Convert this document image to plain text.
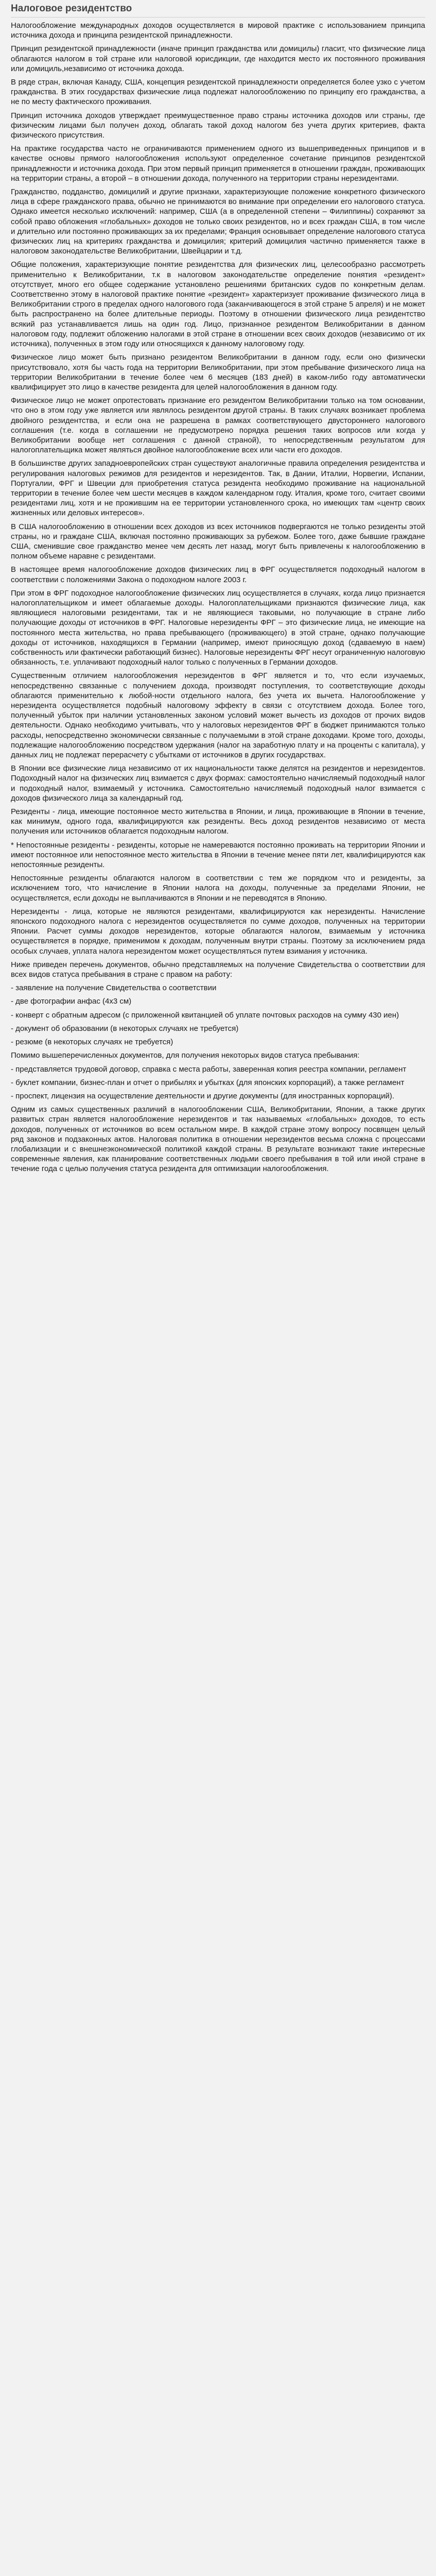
Налоговое резидентство

Налогообложение международных доходов осуществляется в мировой практике с использованием принципа источника дохода и принципа резидентской принадлежности.

Принцип резидентской принадлежности (иначе принцип гражданства или домицилы) гласит, что физические лица облагаются налогом в той стране или налоговой юрисдикции, где находится место их постоянного проживания или домициль,независимо от источника дохода.

В ряде стран, включая Канаду, США, концепция резидентской принадлежности определяется более узко с учетом гражданства. В этих государствах физические лица подлежат налогообложению по принципу его гражданства, а не по месту фактического проживания.

Принцип источника доходов утверждает преимущественное право страны источника доходов или страны, где физическим лицами был получен доход, облагать такой доход налогом без учета других критериев, факта физического присутствия.

На практике государства часто не ограничиваются применением одного из вышеприведенных принципов и в качестве основы прямого налогообложения используют определенное сочетание принципов резидентской принадлежности и источника дохода. При этом первый принцип применяется в отношении граждан, проживающих на территории страны, а второй – в отношении дохода, полученного на территории страны нерезидентами.

Гражданство, подданство, домицилий и другие признаки, характеризующие положение конкретного физического лица в сфере гражданского права, обычно не принимаются во внимание при определении его налогового статуса. Однако имеется несколько исключений: например, США (а в определенной степени – Филиппины) сохраняют за собой право обложения «глобальных» доходов не только своих резидентов, но и всех граждан США, в том числе и длительно или постоянно проживающих за их пределами; Франция основывает определение налогового статуса физических лиц на критериях гражданства и домицилия; критерий домицилия частично применяется также в налоговом законодательстве Великобритании, Швейцарии и т.д.

Общие положения, характеризующие понятие резидентства для физических лиц, целесообразно рассмотреть применительно к Великобритании, т.к в налоговом законодательстве определение понятия «резидент» отсутствует, много его общее содержание установлено решениями британских судов по конкретным делам. Соответственно этому в налоговой практике понятие «резидент» характеризует проживание физического лица в Великобритании строго в пределах одного налогового года (заканчивающегося в этой стране 5 апреля) и не может быть распространено на более длительные периоды. Поэтому в отношении физического лица резидентство всякий раз устанавливается лишь на один год. Лицо, признанное резидентом Великобритании в данном налоговом году, подлежит обложению налогами в этой стране в отношении всех своих доходов (независимо от их источника), полученных в этом году или относящихся к данному налоговому году.

Физическое лицо может быть признано резидентом Великобритании в данном году, если оно физически присутствовало, хотя бы часть года на территории Великобритании, при этом пребывание физического лица на территории Великобритании в течение более чем 6 месяцев (183 дней) в каком-либо году автоматически квалифицирует это лицо в качестве резидента для целей налогообложения в данном году.

Физическое лицо не может опротестовать признание его резидентом Великобритании только на том основании, что оно в этом году уже является или являлось резидентом другой страны. В таких случаях возникает проблема двойного резидентства, и если она не разрешена в рамках соответствующего двустороннего налогового соглашения (т.е. когда в соглашении не предусмотрено порядка решения таких вопросов или когда у Великобритании вообще нет соглашения с данной страной), то непосредственным результатом для налогоплательщика может являться двойное налогообложение всех или части его доходов.

В большинстве других западноевропейских стран существуют аналогичные правила определения резидентства и регулирования налоговых режимов для резидентов и нерезидентов. Так, в Дании, Италии, Норвегии, Испании, Португалии, ФРГ и Швеции для приобретения статуса резидента необходимо проживание на национальной территории в течение более чем шести месяцев в каждом календарном году. Италия, кроме того, считает своими резидентами лиц, хотя и не прожившим на ее территории установленного срока, но имеющих там «центр своих жизненных или деловых интересов».

В США налогообложению в отношении всех доходов из всех источников подвергаются не только резиденты этой страны, но и граждане США, включая постоянно проживающих за рубежом. Более того, даже бывшие граждане США, сменившие свое гражданство менее чем десять лет назад, могут быть привлечены к налогообложению в полном объеме наравне с резидентами.

В настоящее время налогообложение доходов физических лиц в ФРГ осуществляется подоходный налогом в соответствии с положениями Закона о подоходном налоге 2003 г.

При этом в ФРГ подоходное налогообложение физических лиц осуществляется в случаях, когда лицо признается налогоплательщиком и имеет облагаемые доходы. Налогоплательщиками признаются физические лица, как являющиеся налоговыми резидентами, так и не являющиеся таковыми, но получающие в стране либо получающие доходы от источников в ФРГ. Налоговые нерезиденты ФРГ – это физические лица, не имеющие на постоянного места жительства, но права пребывающего (проживающего) в этой стране, однако получающие доходы от источников, находящихся в Германии (например, имеют приносящую доход (сдаваемую в наем) собственность или фактически работающий бизнес). Налоговые нерезиденты ФРГ несут ограниченную налоговую обязанность, т.е. уплачивают подоходный налог только с полученных в Германии доходов.

Существенным отличием налогообложения нерезидентов в ФРГ является и то, что если изучаемых, непосредственно связанные с получением дохода, производят поступления, то соответствующие доходы облагаются применительно к любой-ности отдельного налога, без учета их вычета. Налогообложение у нерезидента осуществляется подобный налоговому эффекту в связи с отсутствием дохода. Более того, полученный убыток при наличии установленных законом условий может вычесть из доходов от прочих видов деятельности. Однако необходимо учитывать, что у налоговых нерезидентов ФРГ в бюджет принимаются только расходы, непосредственно экономически связанные с получаемыми в этой стране доходами. Кроме того, доходы, подлежащие налогообложению посредством удержания (налог на заработную плату и на проценты с капитала), у данных лиц не подлежат перерасчету с убытками от источников в других государствах.

В Японии все физические лица независимо от их национальности также делятся на резидентов и нерезидентов. Подоходный налог на физических лиц взимается с двух формах: самостоятельно начисляемый подоходный налог и подоходный налог, взимаемый у источника. Самостоятельно начисляемый подоходный налог взимается с доходов физического лица за календарный год.

Резиденты - лица, имеющие постоянное место жительства в Японии, и лица, проживающие в Японии в течение, как минимум, одного года, квалифицируются как резиденты. Весь доход резидентов независимо от места получения или источников облагается подоходным налогом.

* Непостоянные резиденты - резиденты, которые не намереваются постоянно проживать на территории Японии и имеют постоянное или непостоянное место жительства в Японии в течение менее пяти лет, квалифицируются как непостоянные резиденты.

Непостоянные резиденты облагаются налогом в соответствии с тем же порядком что и резиденты, за исключением того, что начисление в Японии налога на доходы, полученные за пределами Японии, не осуществляется, если доходы не выплачиваются в Японии и не переводятся в Японию.

Нерезиденты - лица, которые не являются резидентами, квалифицируются как нерезиденты. Начисление японского подоходного налога с нерезидентов осуществляется по сумме доходов, полученных на территории Японии. Расчет суммы доходов нерезидентов, которые облагаются налогом, взимаемым у источника осуществляется в порядке, применимом к доходам, полученным внутри страны. Поэтому за исключением ряда особых случаев, уплата налога нерезидентом может осуществляться путем взимания у источника.

Ниже приведен перечень документов, обычно представляемых на получение Свидетельства о соответствии для всех видов статуса пребывания в стране с правом на работу:

- заявление на получение Свидетельства о соответствии

- две фотографии анфас (4х3 см)

- конверт с обратным адресом (с приложенной квитанцией об уплате почтовых расходов на сумму 430 иен)

- документ об образовании (в некоторых случаях не требуется)

- резюме (в некоторых случаях не требуется)

Помимо вышеперечисленных документов, для получения некоторых видов статуса пребывания:

- представляется трудовой договор, справка с места работы, заверенная копия реестра компании, регламент

- буклет компании, бизнес-план и отчет о прибылях и убытках (для японских корпораций), а также регламент

- проспект, лицензия на осуществление деятельности и другие документы (для иностранных корпораций).

Одним из самых существенных различий в налогообложении США, Великобритании, Японии, а также других развитых стран является налогообложение нерезидентов и так называемых «глобальных» доходов, то есть доходов, полученных от источников во всем остальном мире. В каждой стране этому вопросу посвящен целый ряд законов и подзаконных актов. Налоговая политика в отношении нерезидентов весьма сложна с процессами глобализации и с внешнеэкономической политикой каждой страны. В результате возникают такие интересные современные явления, как планирование соответственных людьми своего пребывания в той или иной стране в течение года с целью получения статуса резидента для оптимизации налогообложения.
